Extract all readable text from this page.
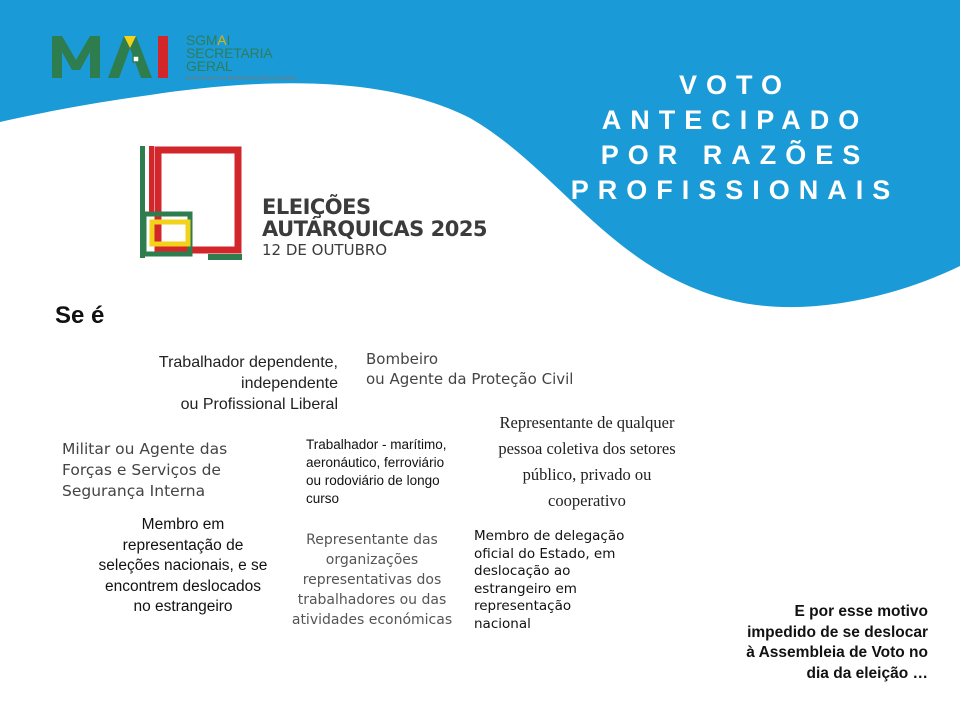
SGMAI
SECRETARIA
GERAL
MINISTÉRIO DA ADMINISTRAÇÃO INTERNA	VOTO
ANTECIPADO
POR RAZÕES
PROFISSIONAIS
ELEIÇÕES
AUTÁRQUICAS 2025
12 DE OUTUBRO
Se é
Trabalhador dependente,
independente
ou Profissional Liberal
Bombeiro
ou Agente da Proteção Civil
Representante de qualquer
pessoa coletiva dos setores
público, privado ou
cooperativo
Militar ou Agente das
Forças e Serviços de
Segurança Interna
Trabalhador - marítimo,
aeronáutico, ferroviário
ou rodoviário de longo
curso
Membro em
representação de
seleções nacionais, e se
encontrem deslocados
no estrangeiro
Representante das
organizações
representativas dos
trabalhadores ou das
atividades económicas
Membro de delegação
oficial do Estado, em
deslocação ao
estrangeiro em
representação
nacional
E por esse motivo
impedido de se deslocar
à Assembleia de Voto no
dia da eleição …
